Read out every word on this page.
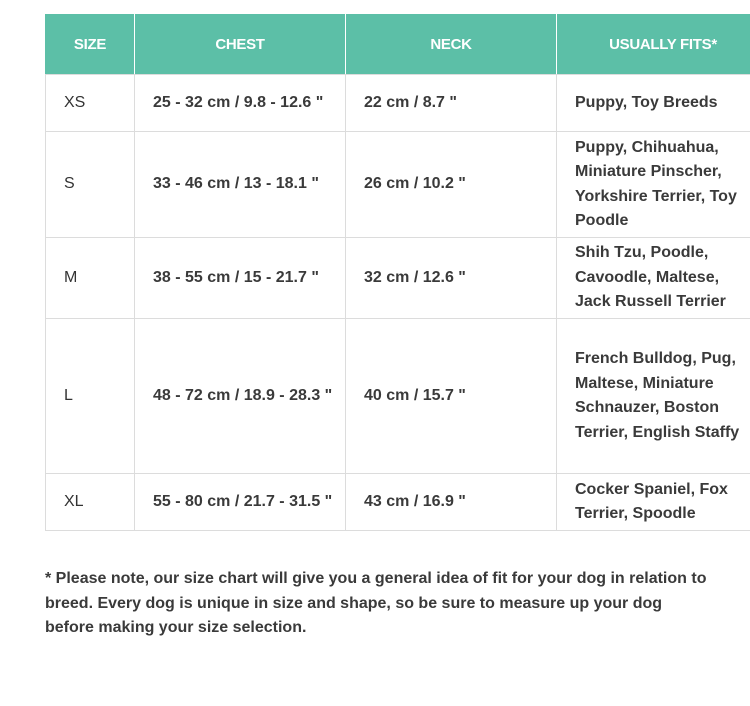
SIZE	CHEST	NECK	USUALLY FITS*
XS	25 - 32 cm / 9.8 - 12.6 "	22 cm / 8.7 "	Puppy, Toy Breeds
S	33 - 46 cm / 13 - 18.1 "	26 cm / 10.2 "	Puppy, Chihuahua, Miniature Pinscher, Yorkshire Terrier, Toy Poodle
M	38 - 55 cm / 15 - 21.7 "	32 cm / 12.6 "	Shih Tzu, Poodle, Cavoodle, Maltese, Jack Russell Terrier
L	48 - 72 cm / 18.9 - 28.3 "	40 cm / 15.7 "	French Bulldog, Pug, Maltese, Miniature Schnauzer, Boston Terrier, English Staffy
XL	55 - 80 cm / 21.7 - 31.5 "	43 cm / 16.9 "	Cocker Spaniel, Fox Terrier, Spoodle

* Please note, our size chart will give you a general idea of fit for your dog in relation to breed. Every dog is unique in size and shape, so be sure to measure up your dog before making your size selection.
